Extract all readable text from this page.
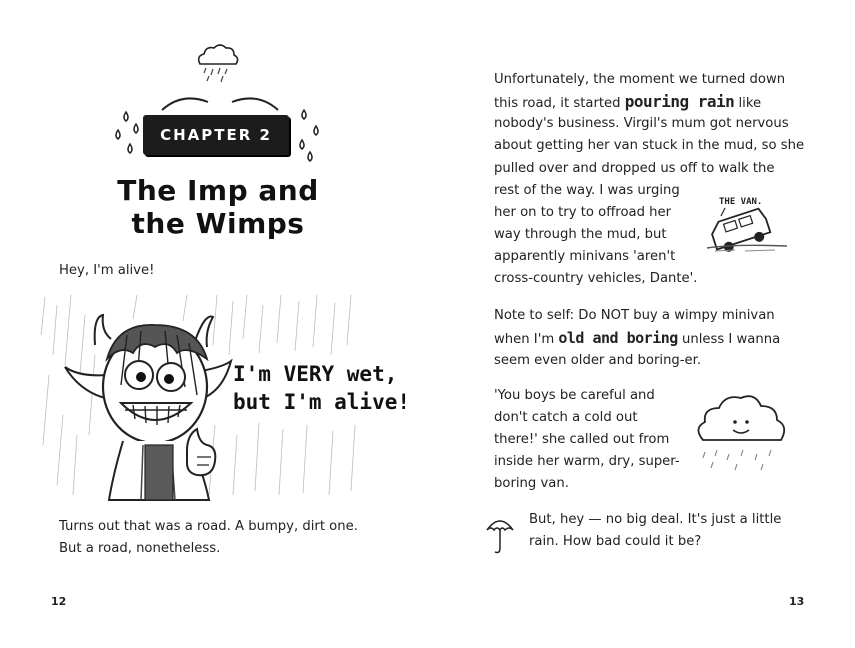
CHAPTER 2
The Imp and
the Wimps

Hey, I'm alive!

I'm VERY wet,
but I'm alive!

Turns out that was a road. A bumpy, dirt one.

But a road, nonetheless.

12

Unfortunately, the moment we turned down

this road, it started pouring rain like

nobody's business. Virgil's mum got nervous

about getting her van stuck in the mud, so she

pulled over and dropped us off to walk the

rest of the way. I was urging

her on to try to offroad her

way through the mud, but

apparently minivans 'aren't

cross-country vehicles, Dante'.

THE VAN.

Note to self: Do NOT buy a wimpy minivan

when I'm old and boring unless I wanna

seem even older and boring-er.

'You boys be careful and

don't catch a cold out

there!' she called out from

inside her warm, dry, super-

boring van.

But, hey — no big deal. It's just a little

rain. How bad could it be?

13
